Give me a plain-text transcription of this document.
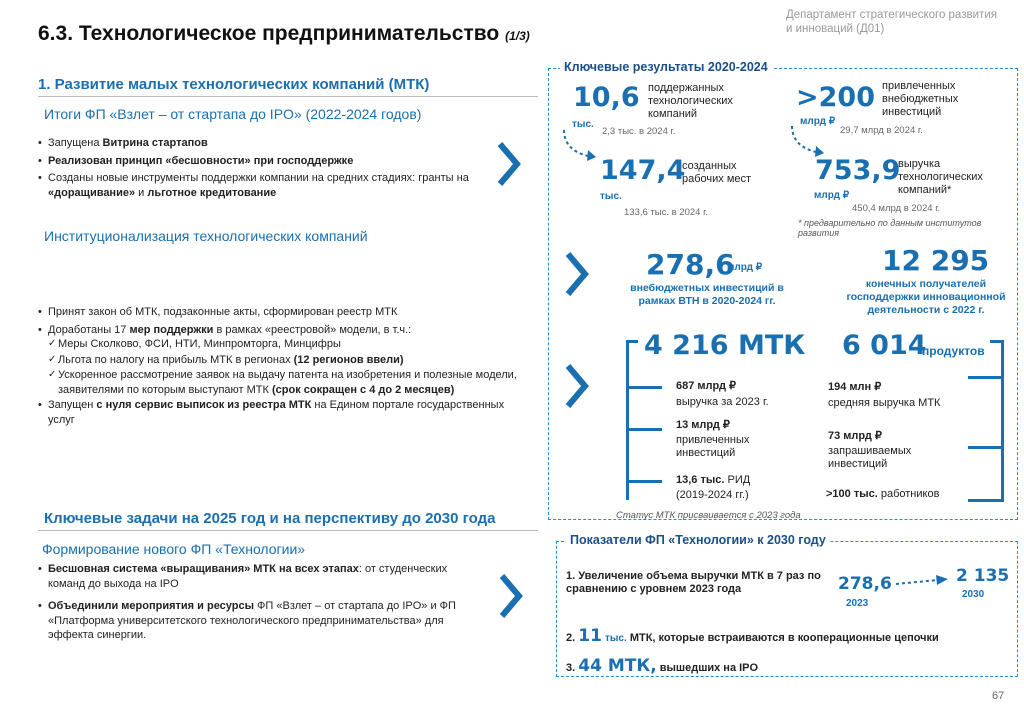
6.3. Технологическое предпринимательство (1/3)
Департамент стратегического развития
и инноваций (Д01)
1. Развитие малых технологических компаний (МТК)
Итоги ФП «Взлет – от стартапа до IPO» (2022-2024 годов)
• Запущена Витрина стартапов
• Реализован принцип «бесшовности» при господдержке
• Созданы новые инструменты поддержки компании на средних стадиях: гранты на «доращивание» и льготное кредитование
Институционализация технологических компаний
• Принят закон об МТК, подзаконные акты, сформирован реестр МТК
• Доработаны 17 мер поддержки в рамках «реестровой» модели, в т.ч.:
✓ Меры Сколково, ФСИ, НТИ, Минпромторга, Минцифры
✓ Льгота по налогу на прибыль МТК в регионах (12 регионов ввели)
✓ Ускоренное рассмотрение заявок на выдачу патента на изобретения и полезные модели, заявителями по которым выступают МТК (срок сокращен с 4 до 2 месяцев)
• Запущен с нуля сервис выписок из реестра МТК на Едином портале государственных услуг
Ключевые задачи на 2025 год и на перспективу до 2030 года
Формирование нового ФП «Технологии»
• Бесшовная система «выращивания» МТК на всех этапах: от студенческих команд до выхода на IPO
• Объединили мероприятия и ресурсы ФП «Взлет – от стартапа до IPO» и ФП «Платформа университетского технологического предпринимательства» для эффекта синергии.
Ключевые результаты 2020-2024
10,6
тыс.
поддержанных технологических компаний
2,3 тыс. в 2024 г.
147,4
тыс.
созданных рабочих мест
133,6 тыс. в 2024 г.
>200
млрд ₽
привлеченных внебюджетных инвестиций
29,7 млрд в 2024 г.
753,9
млрд ₽
выручка технологических компаний*
450,4 млрд в 2024 г.
* предварительно по данным институтов развития
278,6
млрд ₽
внебюджетных инвестиций в рамках ВТН в 2020-2024 гг.
12 295
конечных получателей господдержки инновационной деятельности с 2022 г.
4 216 МТК
687 млрд ₽
выручка за 2023 г.
13 млрд ₽
привлеченных инвестиций
13,6 тыс. РИД
(2019-2024 гг.)
6 014
продуктов
194 млн ₽
средняя выручка МТК
73 млрд ₽
запрашиваемых инвестиций
>100 тыс. работников
Статус МТК присваивается с 2023 года
Показатели ФП «Технологии» к 2030 году
1. Увеличение объема выручки МТК в 7 раз по сравнению с уровнем 2023 года	278,6
2023
2 135
2030
2. 11 тыс. МТК, которые встраиваются в кооперационные цепочки
3. 44 МТК, вышедших на IPO
67
